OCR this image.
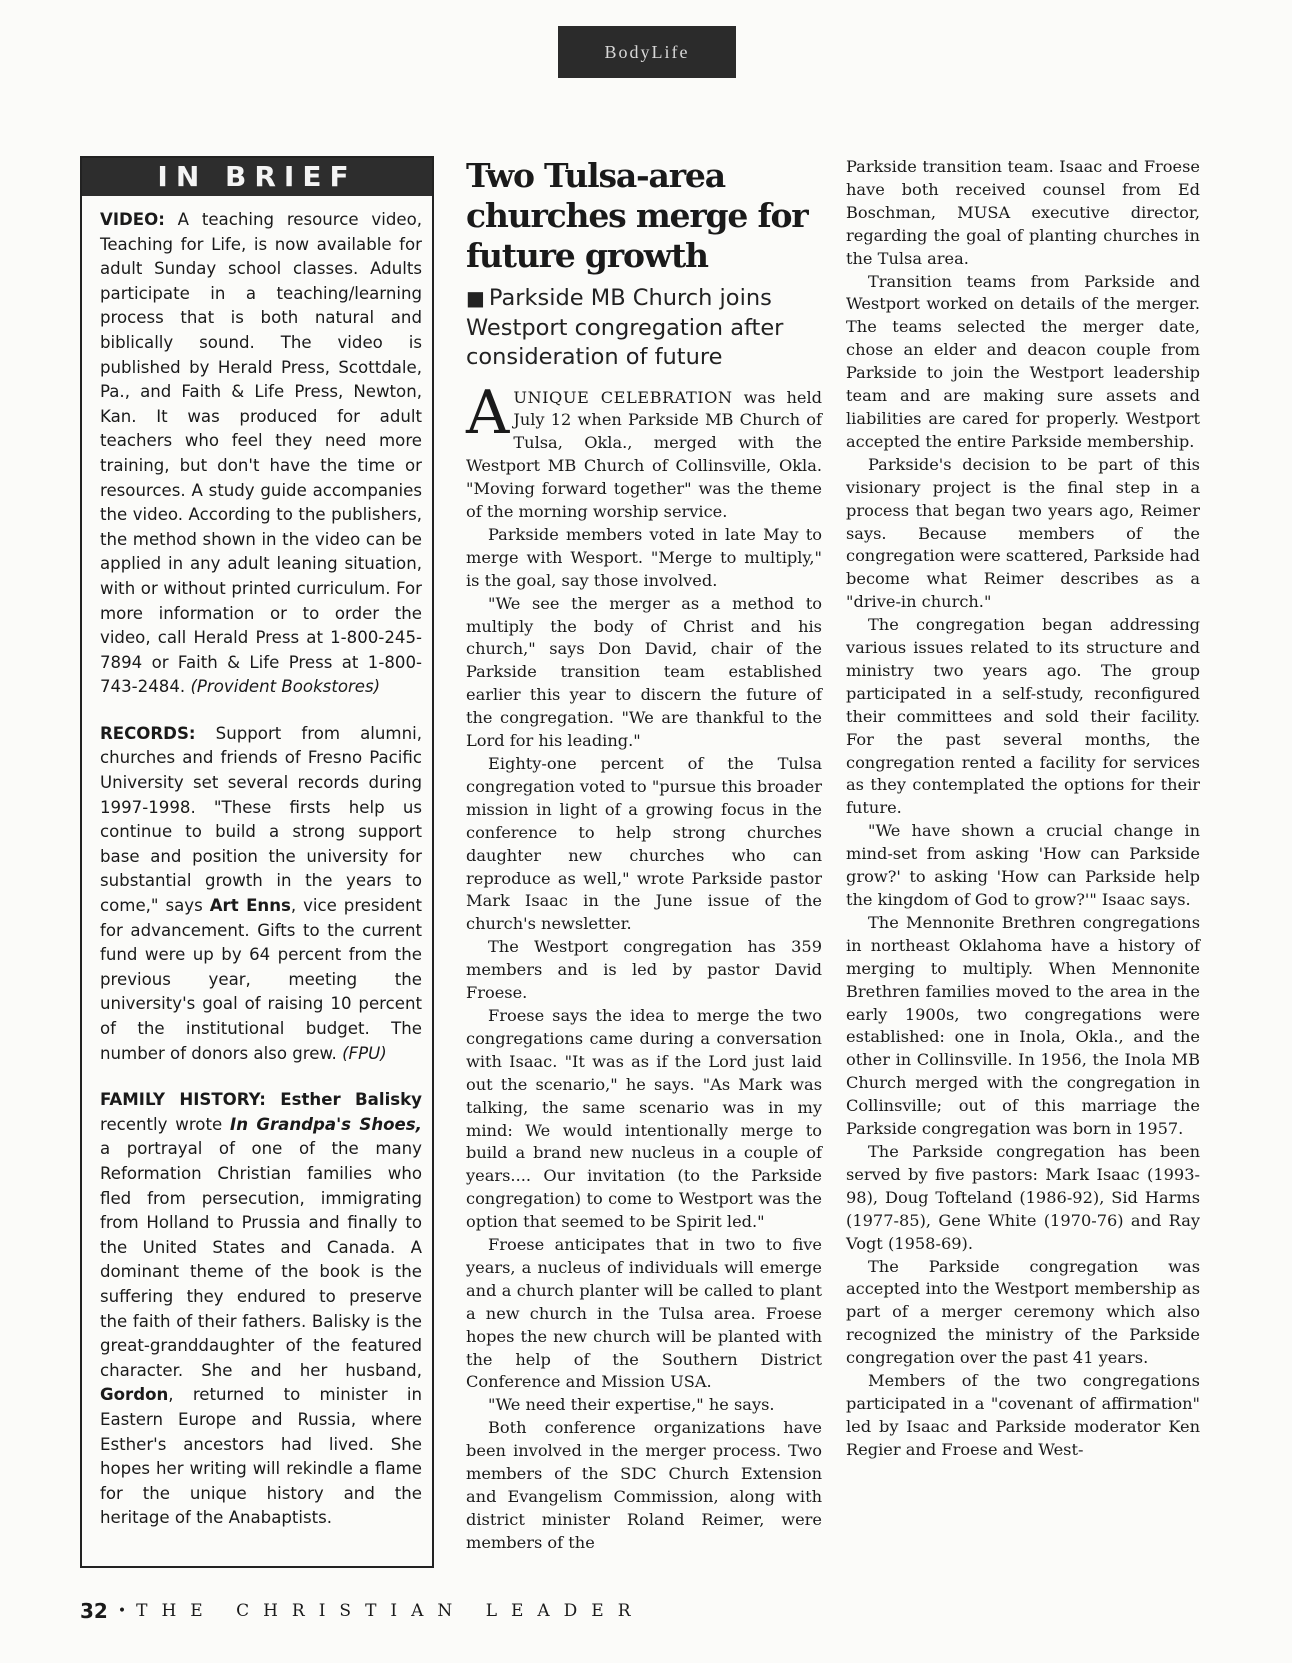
BodyLife
IN BRIEF

VIDEO: A teaching resource video, Teaching for Life, is now available for adult Sunday school classes. Adults participate in a teaching/learning process that is both natural and biblically sound. The video is published by Herald Press, Scottdale, Pa., and Faith & Life Press, Newton, Kan. It was produced for adult teachers who feel they need more training, but don't have the time or resources. A study guide accompanies the video. According to the publishers, the method shown in the video can be applied in any adult leaning situation, with or without printed curriculum. For more information or to order the video, call Herald Press at 1-800-245-7894 or Faith & Life Press at 1-800-743-2484. (Provident Bookstores)

RECORDS: Support from alumni, churches and friends of Fresno Pacific University set several records during 1997-1998. "These firsts help us continue to build a strong support base and position the university for substantial growth in the years to come," says Art Enns, vice president for advancement. Gifts to the current fund were up by 64 percent from the previous year, meeting the university's goal of raising 10 percent of the institutional budget. The number of donors also grew. (FPU)

FAMILY HISTORY: Esther Balisky recently wrote In Grandpa's Shoes, a portrayal of one of the many Reformation Christian families who fled from persecution, immigrating from Holland to Prussia and finally to the United States and Canada. A dominant theme of the book is the suffering they endured to preserve the faith of their fathers. Balisky is the great-granddaughter of the featured character. She and her husband, Gordon, returned to minister in Eastern Europe and Russia, where Esther's ancestors had lived. She hopes her writing will rekindle a flame for the unique history and the heritage of the Anabaptists.

Two Tulsa-area churches merge for future growth
■ Parkside MB Church joins Westport congregation after consideration of future

AUNIQUE CELEBRATION was held July 12 when Parkside MB Church of Tulsa, Okla., merged with the Westport MB Church of Collinsville, Okla. "Moving forward together" was the theme of the morning worship service.

Parkside members voted in late May to merge with Wesport. "Merge to multiply," is the goal, say those involved.

"We see the merger as a method to multiply the body of Christ and his church," says Don David, chair of the Parkside transition team established earlier this year to discern the future of the congregation. "We are thankful to the Lord for his leading."

Eighty-one percent of the Tulsa congregation voted to "pursue this broader mission in light of a growing focus in the conference to help strong churches daughter new churches who can reproduce as well," wrote Parkside pastor Mark Isaac in the June issue of the church's newsletter.

The Westport congregation has 359 members and is led by pastor David Froese.

Froese says the idea to merge the two congregations came during a conversation with Isaac. "It was as if the Lord just laid out the scenario," he says. "As Mark was talking, the same scenario was in my mind: We would intentionally merge to build a brand new nucleus in a couple of years.... Our invitation (to the Parkside congregation) to come to Westport was the option that seemed to be Spirit led."

Froese anticipates that in two to five years, a nucleus of individuals will emerge and a church planter will be called to plant a new church in the Tulsa area. Froese hopes the new church will be planted with the help of the Southern District Conference and Mission USA.

"We need their expertise," he says.

Both conference organizations have been involved in the merger process. Two members of the SDC Church Extension and Evangelism Commission, along with district minister Roland Reimer, were members of the

Parkside transition team. Isaac and Froese have both received counsel from Ed Boschman, MUSA executive director, regarding the goal of planting churches in the Tulsa area.

Transition teams from Parkside and Westport worked on details of the merger. The teams selected the merger date, chose an elder and deacon couple from Parkside to join the Westport leadership team and are making sure assets and liabilities are cared for properly. Westport accepted the entire Parkside membership.

Parkside's decision to be part of this visionary project is the final step in a process that began two years ago, Reimer says. Because members of the congregation were scattered, Parkside had become what Reimer describes as a "drive-in church."

The congregation began addressing various issues related to its structure and ministry two years ago. The group participated in a self-study, reconfigured their committees and sold their facility. For the past several months, the congregation rented a facility for services as they contemplated the options for their future.

"We have shown a crucial change in mind-set from asking 'How can Parkside grow?' to asking 'How can Parkside help the kingdom of God to grow?'" Isaac says.

The Mennonite Brethren congregations in northeast Oklahoma have a history of merging to multiply. When Mennonite Brethren families moved to the area in the early 1900s, two congregations were established: one in Inola, Okla., and the other in Collinsville. In 1956, the Inola MB Church merged with the congregation in Collinsville; out of this marriage the Parkside congregation was born in 1957.

The Parkside congregation has been served by five pastors: Mark Isaac (1993-98), Doug Tofteland (1986-92), Sid Harms (1977-85), Gene White (1970-76) and Ray Vogt (1958-69).

The Parkside congregation was accepted into the Westport membership as part of a merger ceremony which also recognized the ministry of the Parkside congregation over the past 41 years.

Members of the two congregations participated in a "covenant of affirmation" led by Isaac and Parkside moderator Ken Regier and Froese and West-

32 • THE CHRISTIAN LEADER
